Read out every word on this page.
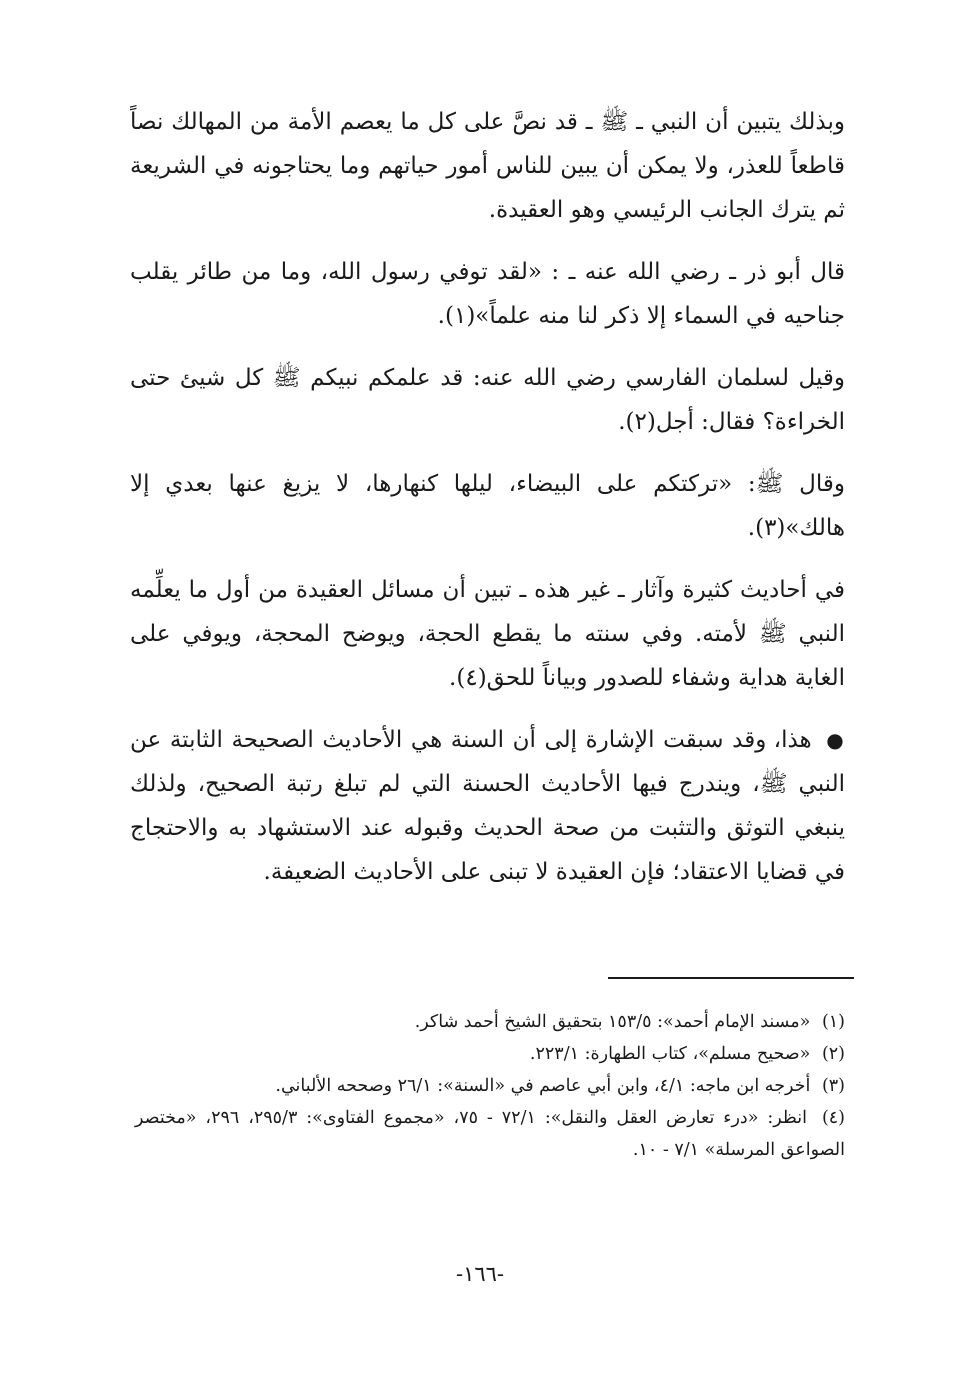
وبذلك يتبين أن النبي ـ ﷺ ـ قد نصَّ على كل ما يعصم الأمة من المهالك نصاً قاطعاً للعذر، ولا يمكن أن يبين للناس أمور حياتهم وما يحتاجونه في الشريعة ثم يترك الجانب الرئيسي وهو العقيدة.

قال أبو ذر ـ رضي الله عنه ـ : «لقد توفي رسول الله، وما من طائر يقلب جناحيه في السماء إلا ذكر لنا منه علماً»(١).

وقيل لسلمان الفارسي رضي الله عنه: قد علمكم نبيكم ﷺ كل شيئ حتى الخراءة؟ فقال: أجل(٢).

وقال ﷺ: «تركتكم على البيضاء، ليلها كنهارها، لا يزيغ عنها بعدي إلا هالك»(٣).

في أحاديث كثيرة وآثار ـ غير هذه ـ تبين أن مسائل العقيدة من أول ما يعلِّمه النبي ﷺ لأمته. وفي سنته ما يقطع الحجة، ويوضح المحجة، ويوفي على الغاية هداية وشفاء للصدور وبياناً للحق(٤).

● هذا، وقد سبقت الإشارة إلى أن السنة هي الأحاديث الصحيحة الثابتة عن النبي ﷺ، ويندرج فيها الأحاديث الحسنة التي لم تبلغ رتبة الصحيح، ولذلك ينبغي التوثق والتثبت من صحة الحديث وقبوله عند الاستشهاد به والاحتجاج في قضايا الاعتقاد؛ فإن العقيدة لا تبنى على الأحاديث الضعيفة.

(١) «مسند الإمام أحمد»: ١٥٣/٥ بتحقيق الشيخ أحمد شاكر.

(٢) «صحيح مسلم»، كتاب الطهارة: ٢٢٣/١.

(٣) أخرجه ابن ماجه: ٤/١، وابن أبي عاصم في «السنة»: ٢٦/١ وصححه الألباني.

(٤) انظر: «درء تعارض العقل والنقل»: ٧٢/١ - ٧٥، «مجموع الفتاوى»: ٢٩٥/٣، ٢٩٦، «مختصر الصواعق المرسلة» ٧/١ - ١٠.

-١٦٦-
